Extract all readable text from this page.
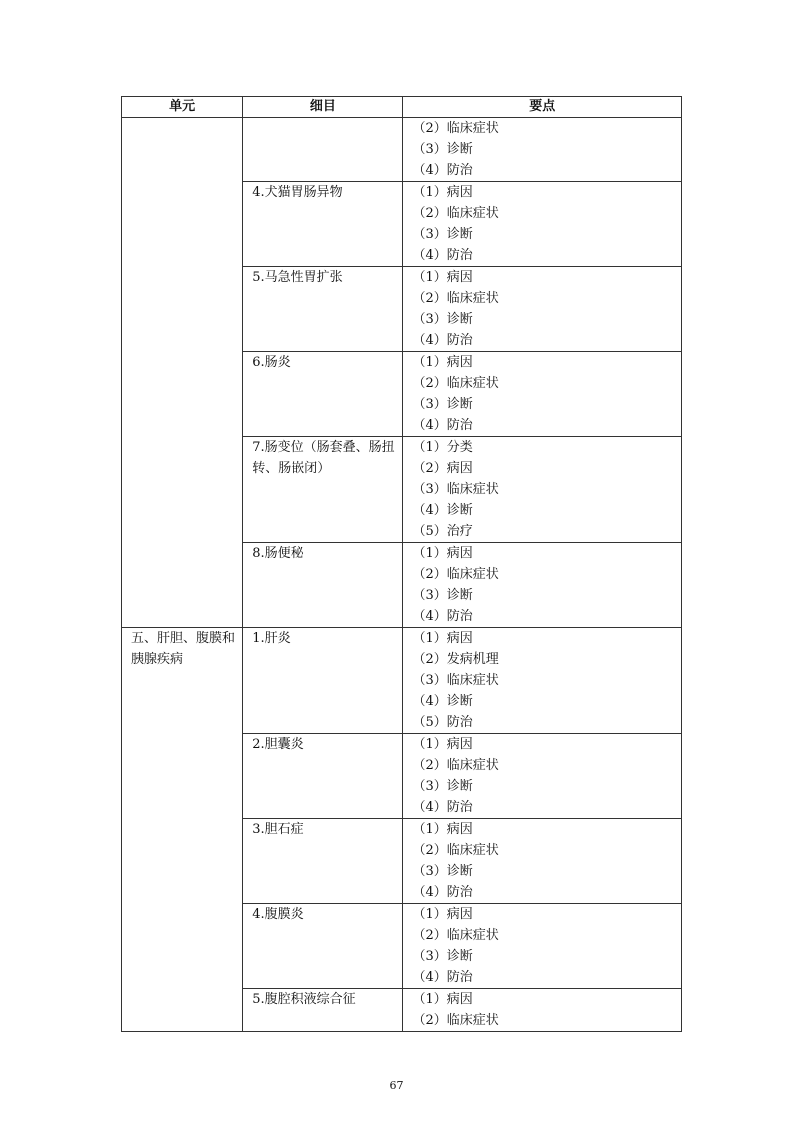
单元	细目	要点

		（2）临床症状
（3）诊断
（4）防治

	4.犬猫胃肠异物	（1）病因
（2）临床症状
（3）诊断
（4）防治

	5.马急性胃扩张	（1）病因
（2）临床症状
（3）诊断
（4）防治

	6.肠炎	（1）病因
（2）临床症状
（3）诊断
（4）防治

	7.肠变位（肠套叠、肠扭转、肠嵌闭）	（1）分类
（2）病因
（3）临床症状
（4）诊断
（5）治疗

	8.肠便秘	（1）病因
（2）临床症状
（3）诊断
（4）防治

五、肝胆、腹膜和胰腺疾病	1.肝炎	（1）病因
（2）发病机理
（3）临床症状
（4）诊断
（5）防治

	2.胆囊炎	（1）病因
（2）临床症状
（3）诊断
（4）防治

	3.胆石症	（1）病因
（2）临床症状
（3）诊断
（4）防治

	4.腹膜炎	（1）病因
（2）临床症状
（3）诊断
（4）防治

	5.腹腔积液综合征	（1）病因
（2）临床症状
67
